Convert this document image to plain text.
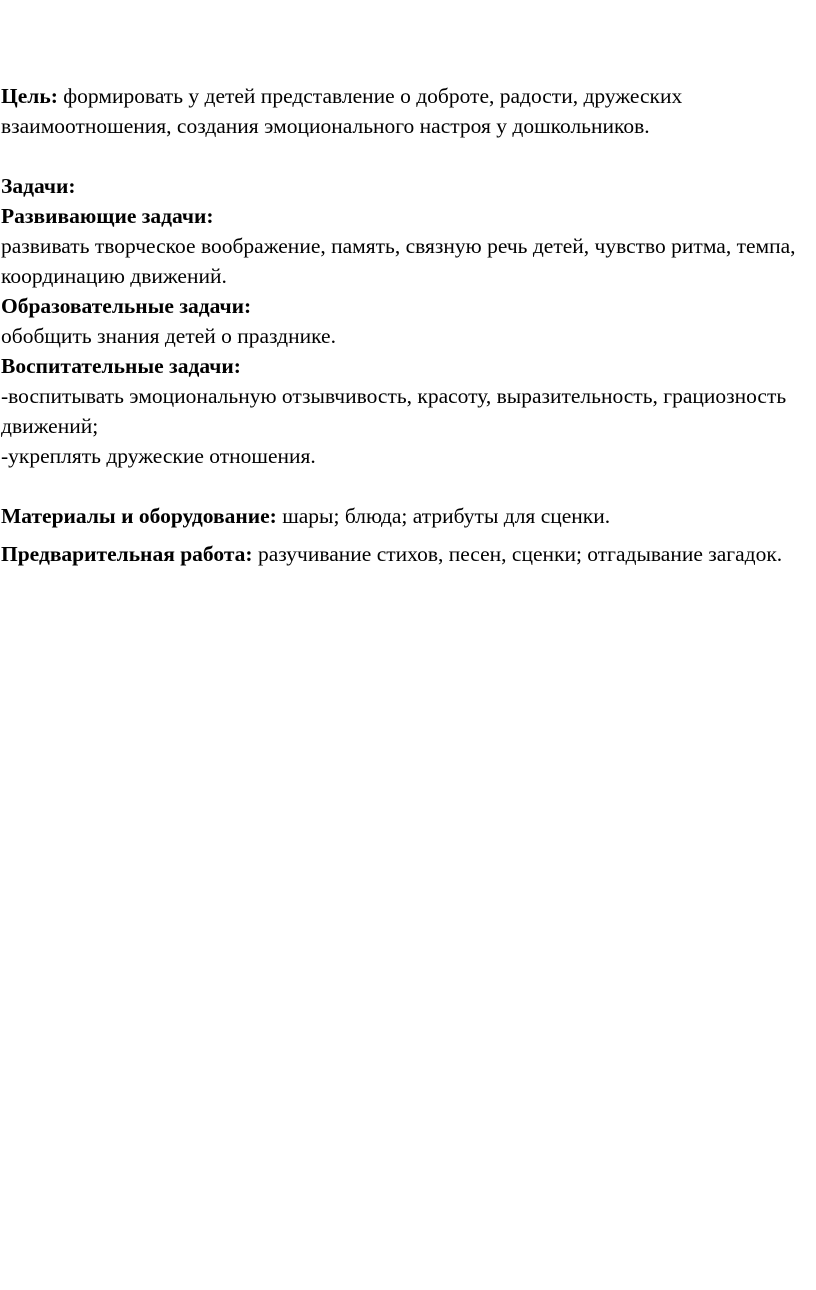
Цель: формировать у детей представление о доброте, радости, дружеских взаимоотношения, создания эмоционального настроя у дошкольников.

Задачи:

Развивающие задачи:

развивать творческое воображение, память, связную речь детей, чувство ритма, темпа, координацию движений.

Образовательные задачи:

обобщить знания детей о празднике.

Воспитательные задачи:

-воспитывать эмоциональную отзывчивость, красоту, выразительность, грациозность движений;

-укреплять дружеские отношения.

Материалы и оборудование: шары; блюда; атрибуты для сценки.

Предварительная работа: разучивание стихов, песен, сценки; отгадывание загадок.
